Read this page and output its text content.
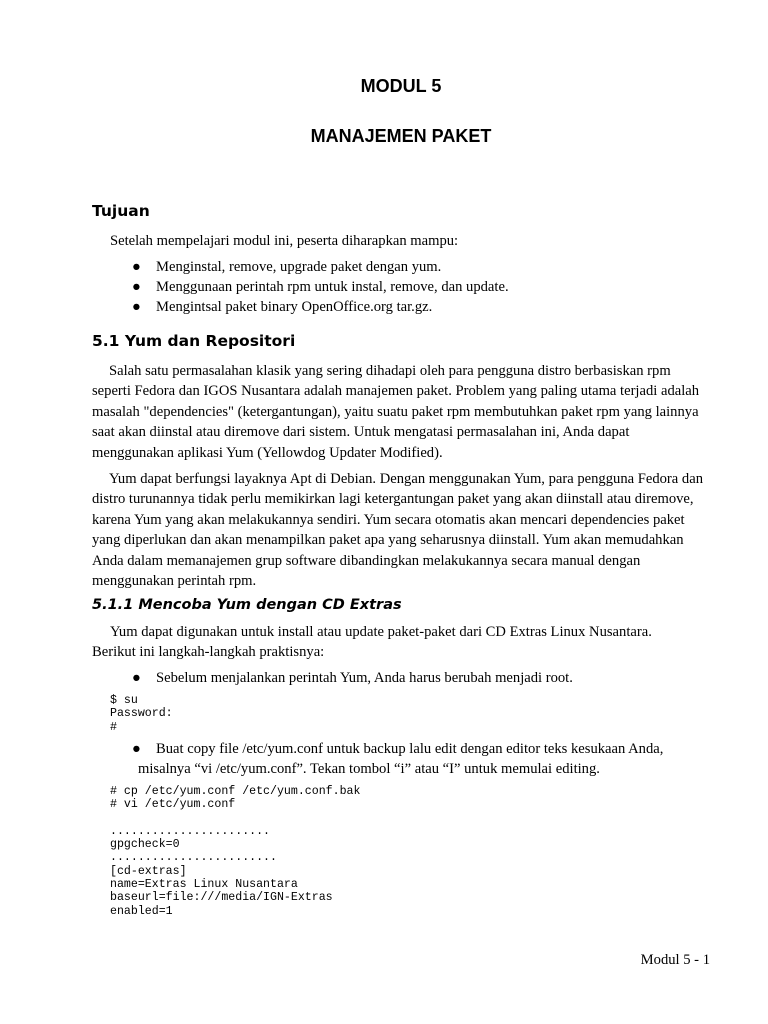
MODUL 5
MANAJEMEN PAKET
Tujuan
Setelah mempelajari modul ini, peserta diharapkan mampu:
● Menginstal, remove, upgrade paket dengan yum.
● Menggunaan perintah rpm untuk instal, remove, dan update.
● Mengintsal paket binary OpenOffice.org tar.gz.
5.1 Yum dan Repositori

Salah satu permasalahan klasik yang sering dihadapi oleh para pengguna distro berbasiskan rpm seperti Fedora dan IGOS Nusantara adalah manajemen paket. Problem yang paling utama terjadi adalah masalah "dependencies" (ketergantungan), yaitu suatu paket rpm membutuhkan paket rpm yang lainnya saat akan diinstal atau diremove dari sistem. Untuk mengatasi permasalahan ini, Anda dapat menggunakan aplikasi Yum (Yellowdog Updater Modified).

Yum dapat berfungsi layaknya Apt di Debian. Dengan menggunakan Yum, para pengguna Fedora dan distro turunannya tidak perlu memikirkan lagi ketergantungan paket yang akan diinstall atau diremove, karena Yum yang akan melakukannya sendiri. Yum secara otomatis akan mencari dependencies paket yang diperlukan dan akan menampilkan paket apa yang seharusnya diinstall. Yum akan memudahkan Anda dalam memanajemen grup software dibandingkan melakukannya secara manual dengan menggunakan perintah rpm.

5.1.1 Mencoba Yum dengan CD Extras
Yum dapat digunakan untuk install atau update paket-paket dari CD Extras Linux Nusantara.
Berikut ini langkah-langkah praktisnya:
● Sebelum menjalankan perintah Yum, Anda harus berubah menjadi root.
$ su
Password:
#
● Buat copy file /etc/yum.conf untuk backup lalu edit dengan editor teks kesukaan Anda,
misalnya “vi /etc/yum.conf”. Tekan tombol “i” atau “I” untuk memulai editing.
# cp /etc/yum.conf /etc/yum.conf.bak
# vi /etc/yum.conf

.......................
gpgcheck=0
........................
[cd-extras]
name=Extras Linux Nusantara
baseurl=file:///media/IGN-Extras
enabled=1
Modul 5 - 1
